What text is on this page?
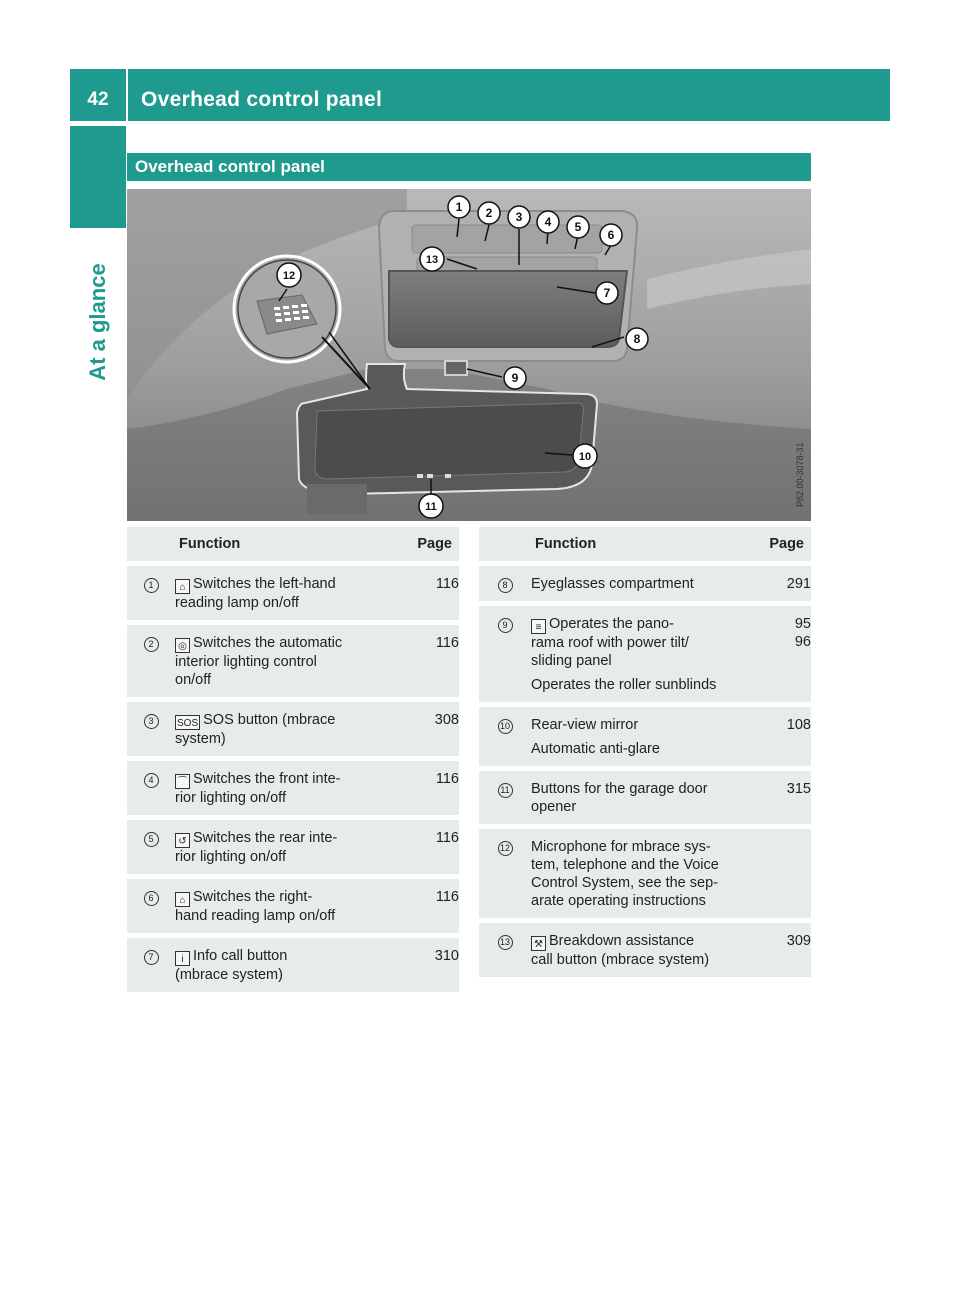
42	Overhead control panel
At a glance
Overhead control panel
1 2 3 4 5
6
7
8
9
10
11
12
13
P82.00-3078-31
	Function	Page
1	⌂ Switches the left-hand
reading lamp on/off	116

2	◎ Switches the automatic
interior lighting control
on/off	116

3	SOS SOS button (mbrace
system)	308

4	⁀ Switches the front inte-
rior lighting on/off	116

5	↺ Switches the rear inte-
rior lighting on/off	116

6	⌂ Switches the right-
hand reading lamp on/off	116

7	i Info call button
(mbrace system)	310
	Function	Page
8	Eyeglasses compartment	291

9	≡ Operates the pano-
rama roof with power tilt/
sliding panel
Operates the roller sunblinds	95
96

10	Rear-view mirror
Automatic anti-glare	108

11	Buttons for the garage door
opener	315

12	Microphone for mbrace sys-
tem, telephone and the Voice
Control System, see the sep-
arate operating instructions	

13	⚒ Breakdown assistance
call button (mbrace system)	309
